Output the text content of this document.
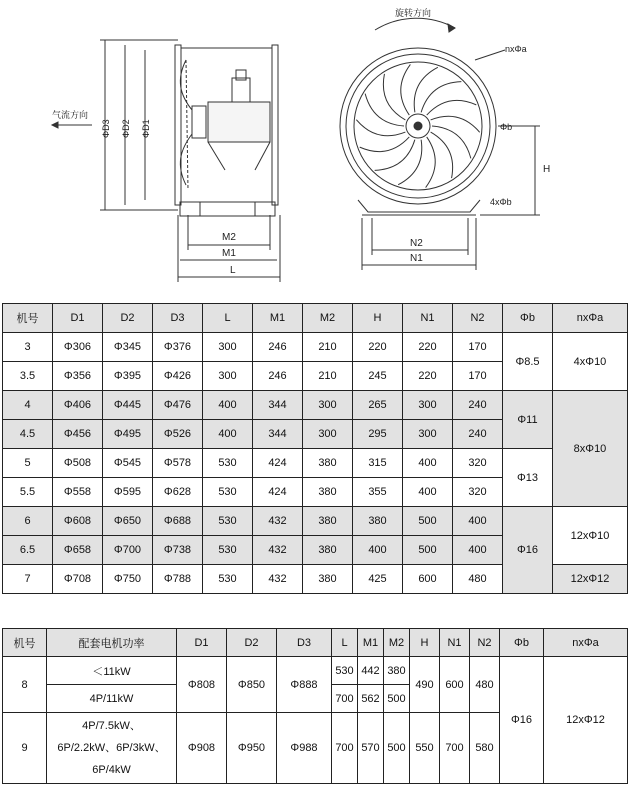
气流方向
ΦD3 ΦD2 ΦD1
M2
M1
L
旋转方向
nxΦa
4xΦb
Φb
H
N2
N1
机号	D1	D2	D3	L	M1	M2	H	N1	N2	Φb	nxΦa
3	Φ306	Φ345	Φ376	300	246	210	220	220	170	Φ8.5	4xΦ10
3.5	Φ356	Φ395	Φ426	300	246	210	245	220	170		
4	Φ406	Φ445	Φ476	400	344	300	265	300	240	Φ11	8xΦ10
4.5	Φ456	Φ495	Φ526	400	344	300	295	300	240		
5	Φ508	Φ545	Φ578	530	424	380	315	400	320	Φ13	
5.5	Φ558	Φ595	Φ628	530	424	380	355	400	320		
6	Φ608	Φ650	Φ688	530	432	380	380	500	400	Φ16	12xΦ10
6.5	Φ658	Φ700	Φ738	530	432	380	400	500	400		
7	Φ708	Φ750	Φ788	530	432	380	425	600	480		12xΦ12
机号	配套电机功率	D1	D2	D3	L	M1	M2	H	N1	N2	Φb	nxΦa
8	＜11kW	Φ808	Φ850	Φ888	530	442	380	490	600	480	Φ16	12xΦ12
	4P/11kW				700	562	500					
9	4P/7.5kW、
6P/2.2kW、6P/3kW、
6P/4kW	Φ908	Φ950	Φ988	700	570	500	550	700	580		
